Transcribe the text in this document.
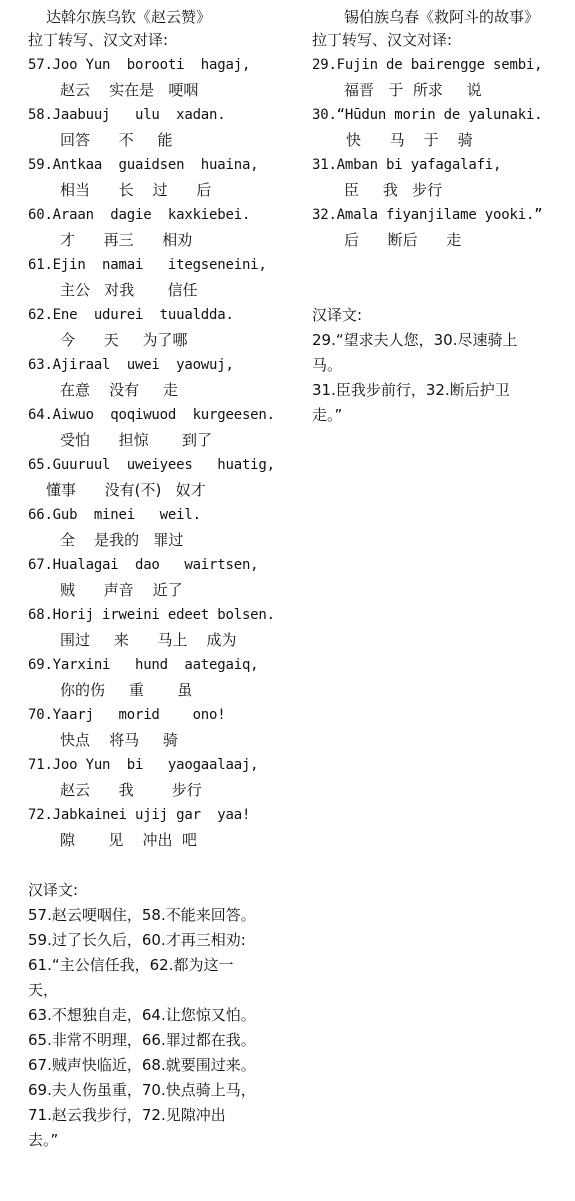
达斡尔族乌钦《赵云赞》
拉丁转写、汉文对译:
57.Joo Yun  borooti  hagaj,
赵云    实在是   哽咽
58.Jaabuuj   ulu  xadan.
回答      不     能
59.Antkaa  guaidsen  huaina,
相当      长    过      后
60.Araan  dagie  kaxkiebei.
才      再三      相劝
61.Ejin  namai   itegseneini,
主公   对我       信任
62.Ene  udurei  tuualdda.
今      天     为了哪
63.Ajiraal  uwei  yaowuj,
在意    没有     走
64.Aiwuo  qoqiwuod  kurgeesen.
受怕      担惊       到了
65.Guuruul  uweiyees   huatig,
懂事      没有(不)   奴才
66.Gub  minei   weil.
全    是我的   罪过
67.Hualagai  dao   wairtsen,
贼      声音    近了
68.Horij irweini edeet bolsen.
围过     来      马上    成为
69.Yarxini   hund  aategaiq,
你的伤     重       虽
70.Yaarj   morid    ono!
快点    将马     骑
71.Joo Yun  bi   yaogaalaaj,
赵云      我        步行
72.Jabkainei ujij gar  yaa!
隙       见    冲出  吧
汉译文:
57.赵云哽咽住，58.不能来回答。
59.过了长久后，60.才再三相劝:
61.“主公信任我，62.都为这一
天，
63.不想独自走，64.让您惊又怕。
65.非常不明理，66.罪过都在我。
67.贼声快临近，68.就要围过来。
69.夫人伤虽重，70.快点骑上马，
71.赵云我步行，72.见隙冲出
去。”
锡伯族乌春《救阿斗的故事》
拉丁转写、汉文对译:
29.Fujin de bairengge sembi,
福晋   于  所求     说
30.“Hūdun morin de yalunaki.
快      马    于    骑
31.Amban bi yafagalafi,
臣     我   步行
32.Amala fiyanjilame yooki.”
后      断后      走
汉译文:
29.“望求夫人您，30.尽速骑上
马。
31.臣我步前行，32.断后护卫
走。”
